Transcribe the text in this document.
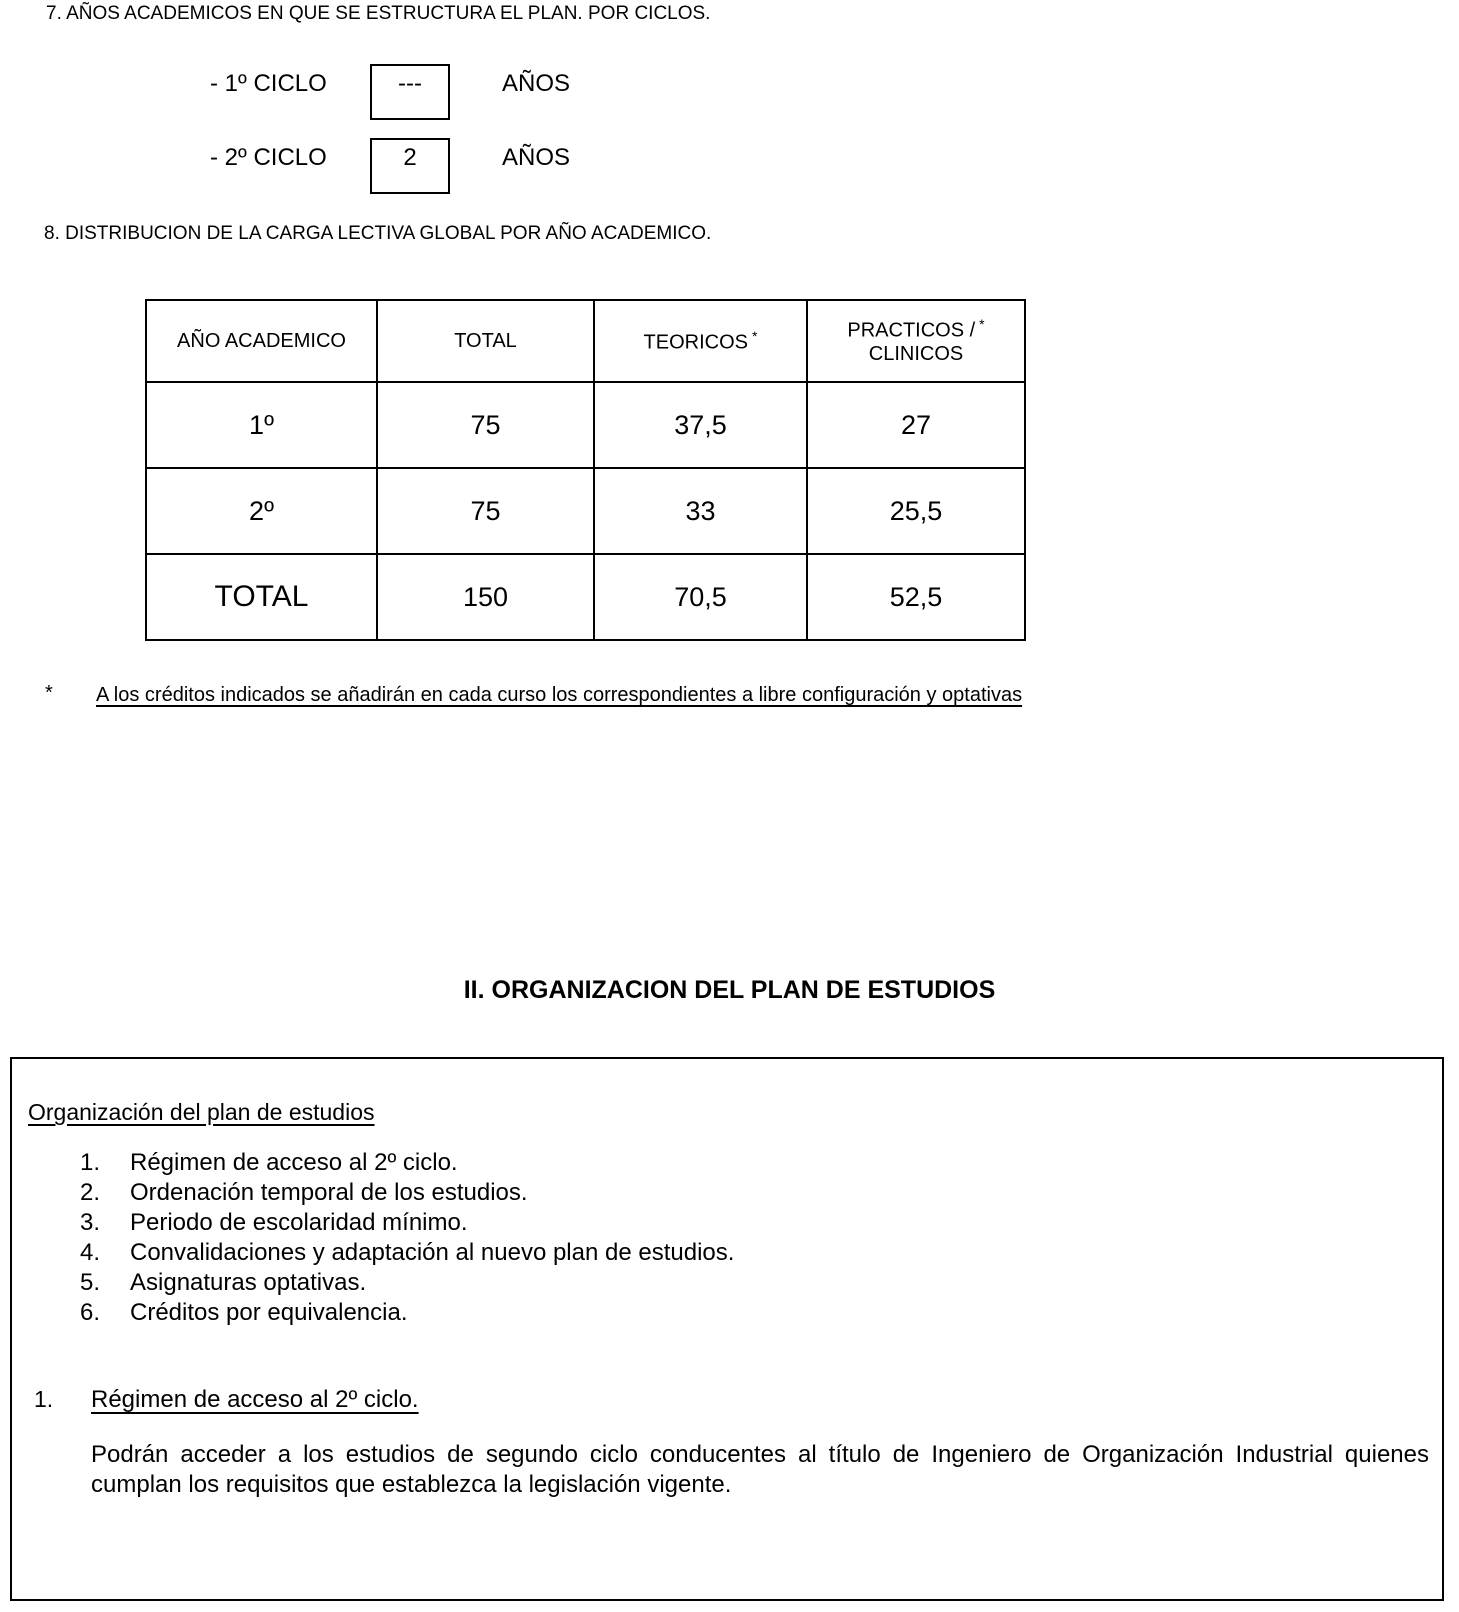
7. AÑOS ACADEMICOS EN QUE SE ESTRUCTURA EL PLAN. POR CICLOS.
- 1º CICLO	---	AÑOS
- 2º CICLO	2	AÑOS
8. DISTRIBUCION DE LA CARGA LECTIVA GLOBAL POR AÑO ACADEMICO.
AÑO ACADEMICO	TOTAL	TEORICOS *	PRACTICOS / *
CLINICOS
1º	75	37,5	27
2º	75	33	25,5
TOTAL	150	70,5	52,5
* A los créditos indicados se añadirán en cada curso los correspondientes a libre configuración y optativas
II. ORGANIZACION DEL PLAN DE ESTUDIOS
Organización del plan de estudios
1.	Régimen de acceso al 2º ciclo.
2.	Ordenación temporal de los estudios.
3.	Periodo de escolaridad mínimo.
4.	Convalidaciones y adaptación al nuevo plan de estudios.
5.	Asignaturas optativas.
6.	Créditos por equivalencia.
1. Régimen de acceso al 2º ciclo.
Podrán acceder a los estudios de segundo ciclo conducentes al título de Ingeniero de Organización Industrial quienes cumplan los requisitos que establezca la legislación vigente.
